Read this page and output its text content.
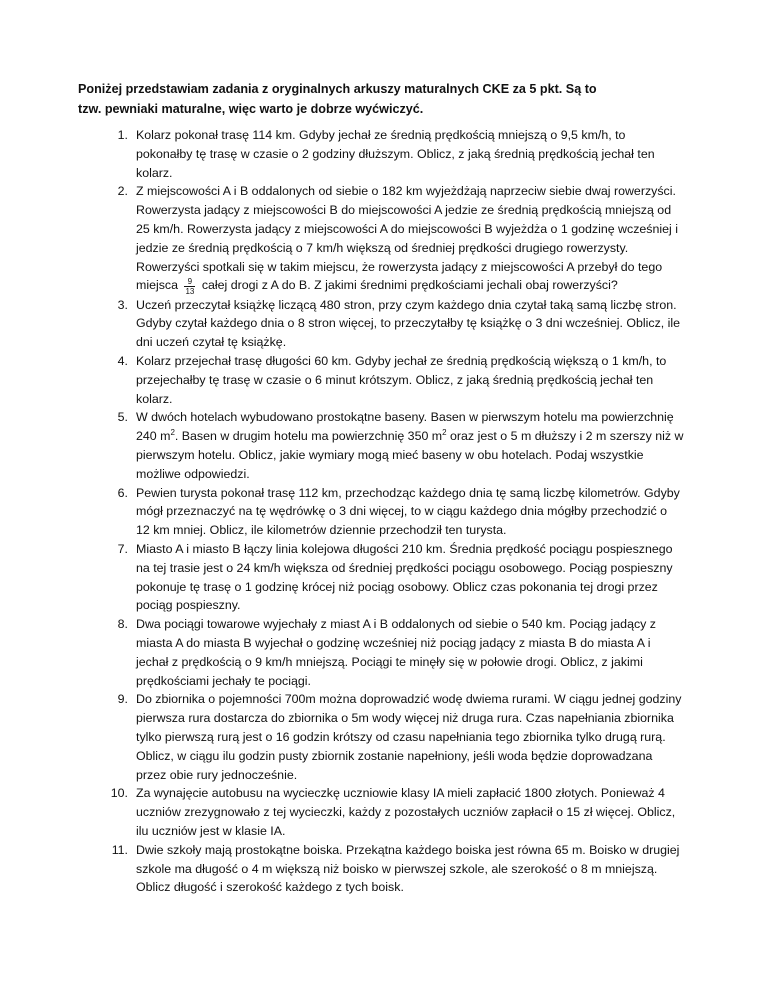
Poniżej przedstawiam zadania z oryginalnych arkuszy maturalnych CKE za 5 pkt. Są to
tzw. pewniaki maturalne, więc warto je dobrze wyćwiczyć.
1. Kolarz pokonał trasę 114 km. Gdyby jechał ze średnią prędkością mniejszą o 9,5 km/h, to pokonałby tę trasę w czasie o 2 godziny dłuższym. Oblicz, z jaką średnią prędkością jechał ten kolarz.
2. Z miejscowości A i B oddalonych od siebie o 182 km wyjeżdżają naprzeciw siebie dwaj rowerzyści. Rowerzysta jadący z miejscowości B do miejscowości A jedzie ze średnią prędkością mniejszą od 25 km/h. Rowerzysta jadący z miejscowości A do miejscowości B wyjeżdża o 1 godzinę wcześniej i jedzie ze średnią prędkością o 7 km/h większą od średniej prędkości drugiego rowerzysty. Rowerzyści spotkali się w takim miejscu, że rowerzysta jadący z miejscowości A przebył do tego miejsca $\frac{9}{13}$ całej drogi z A do B. Z jakimi średnimi prędkościami jechali obaj rowerzyści?
3. Uczeń przeczytał książkę liczącą 480 stron, przy czym każdego dnia czytał taką samą liczbę stron. Gdyby czytał każdego dnia o 8 stron więcej, to przeczytałby tę książkę o 3 dni wcześniej. Oblicz, ile dni uczeń czytał tę książkę.
4. Kolarz przejechał trasę długości 60 km. Gdyby jechał ze średnią prędkością większą o 1 km/h, to przejechałby tę trasę w czasie o 6 minut krótszym. Oblicz, z jaką średnią prędkością jechał ten kolarz.
5. W dwóch hotelach wybudowano prostokątne baseny. Basen w pierwszym hotelu ma powierzchnię 240 $m^2$. Basen w drugim hotelu ma powierzchnię 350 $m^2$ oraz jest o 5 m dłuższy i 2 m szerszy niż w pierwszym hotelu. Oblicz, jakie wymiary mogą mieć baseny w obu hotelach. Podaj wszystkie możliwe odpowiedzi.
6. Pewien turysta pokonał trasę 112 km, przechodząc każdego dnia tę samą liczbę kilometrów. Gdyby mógł przeznaczyć na tę wędrówkę o 3 dni więcej, to w ciągu każdego dnia mógłby przechodzić o 12 km mniej. Oblicz, ile kilometrów dziennie przechodził ten turysta.
7. Miasto A i miasto B łączy linia kolejowa długości 210 km. Średnia prędkość pociągu pospiesznego na tej trasie jest o 24 km/h większa od średniej prędkości pociągu osobowego. Pociąg pospieszny pokonuje tę trasę o 1 godzinę krócej niż pociąg osobowy. Oblicz czas pokonania tej drogi przez pociąg pospieszny.
8. Dwa pociągi towarowe wyjechały z miast A i B oddalonych od siebie o 540 km. Pociąg jadący z miasta A do miasta B wyjechał o godzinę wcześniej niż pociąg jadący z miasta B do miasta A i jechał z prędkością o 9 km/h mniejszą. Pociągi te minęły się w połowie drogi. Oblicz, z jakimi prędkościami jechały te pociągi.
9. Do zbiornika o pojemności 700m można doprowadzić wodę dwiema rurami. W ciągu jednej godziny pierwsza rura dostarcza do zbiornika o 5m wody więcej niż druga rura. Czas napełniania zbiornika tylko pierwszą rurą jest o 16 godzin krótszy od czasu napełniania tego zbiornika tylko drugą rurą. Oblicz, w ciągu ilu godzin pusty zbiornik zostanie napełniony, jeśli woda będzie doprowadzana przez obie rury jednocześnie.
10. Za wynajęcie autobusu na wycieczkę uczniowie klasy IA mieli zapłacić 1800 złotych. Ponieważ 4 uczniów zrezygnowało z tej wycieczki, każdy z pozostałych uczniów zapłacił o 15 zł więcej. Oblicz, ilu uczniów jest w klasie IA.
11. Dwie szkoły mają prostokątne boiska. Przekątna każdego boiska jest równa 65 m. Boisko w drugiej szkole ma długość o 4 m większą niż boisko w pierwszej szkole, ale szerokość o 8 m mniejszą. Oblicz długość i szerokość każdego z tych boisk.
